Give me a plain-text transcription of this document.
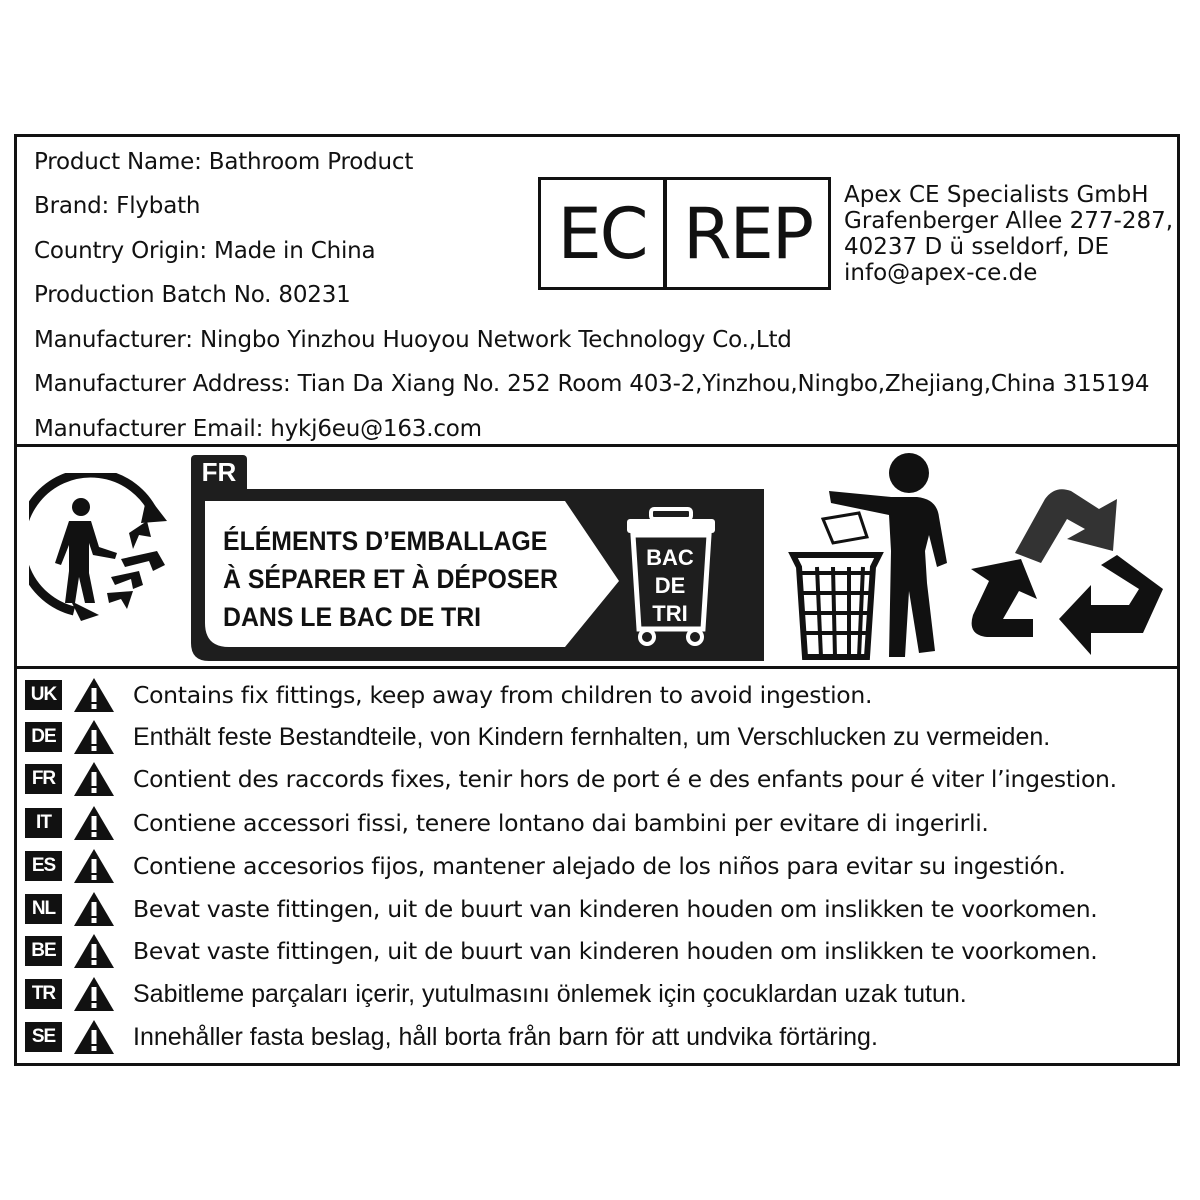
Product Name: Bathroom Product
Brand: Flybath
Country Origin: Made in China
Production Batch No. 80231
Manufacturer: Ningbo Yinzhou Huoyou Network Technology Co.,Ltd
Manufacturer Address: Tian Da Xiang No. 252 Room 403-2,Yinzhou,Ningbo,Zhejiang,China 315194
Manufacturer Email: hykj6eu@163.com
EC REP	Apex CE Specialists GmbH
Grafenberger Allee 277-287,
40237 D ü sseldorf, DE
info@apex-ce.de
FR
ÉLÉMENTS D’EMBALLAGE
À SÉPARER ET À DÉPOSER
DANS LE BAC DE TRI
BAC
DE
TRI
UK	Contains fix fittings, keep away from children to avoid ingestion.
DE	Enthält feste Bestandteile, von Kindern fernhalten, um Verschlucken zu vermeiden.
FR	Contient des raccords fixes, tenir hors de port é e des enfants pour é viter l’ingestion.
IT	Contiene accessori fissi, tenere lontano dai bambini per evitare di ingerirli.
ES	Contiene accesorios fijos, mantener alejado de los niños para evitar su ingestión.
NL	Bevat vaste fittingen, uit de buurt van kinderen houden om inslikken te voorkomen.
BE	Bevat vaste fittingen, uit de buurt van kinderen houden om inslikken te voorkomen.
TR	Sabitleme parçaları içerir, yutulmasını önlemek için çocuklardan uzak tutun.
SE	Innehåller fasta beslag, håll borta från barn för att undvika förtäring.
